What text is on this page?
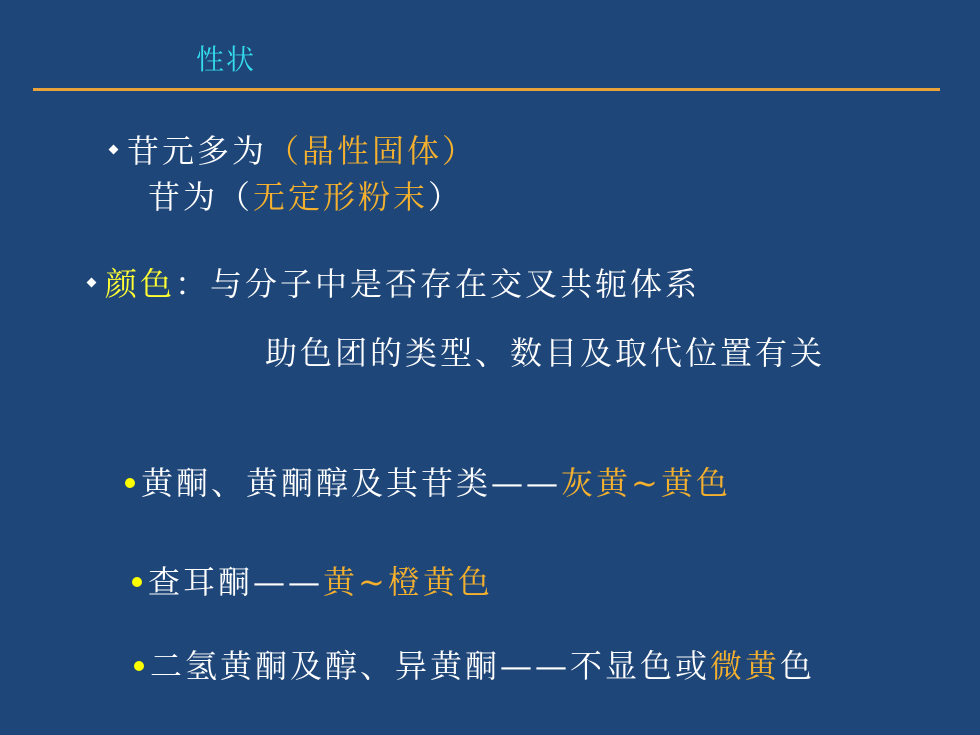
性状
苷元多为（晶性固体）
苷为（无定形粉末）
颜色：与分子中是否存在交叉共轭体系
助色团的类型、数目及取代位置有关
黄酮、黄酮醇及其苷类——灰黄~黄色
查耳酮——黄~橙黄色
二氢黄酮及醇、异黄酮——不显色或微黄色
